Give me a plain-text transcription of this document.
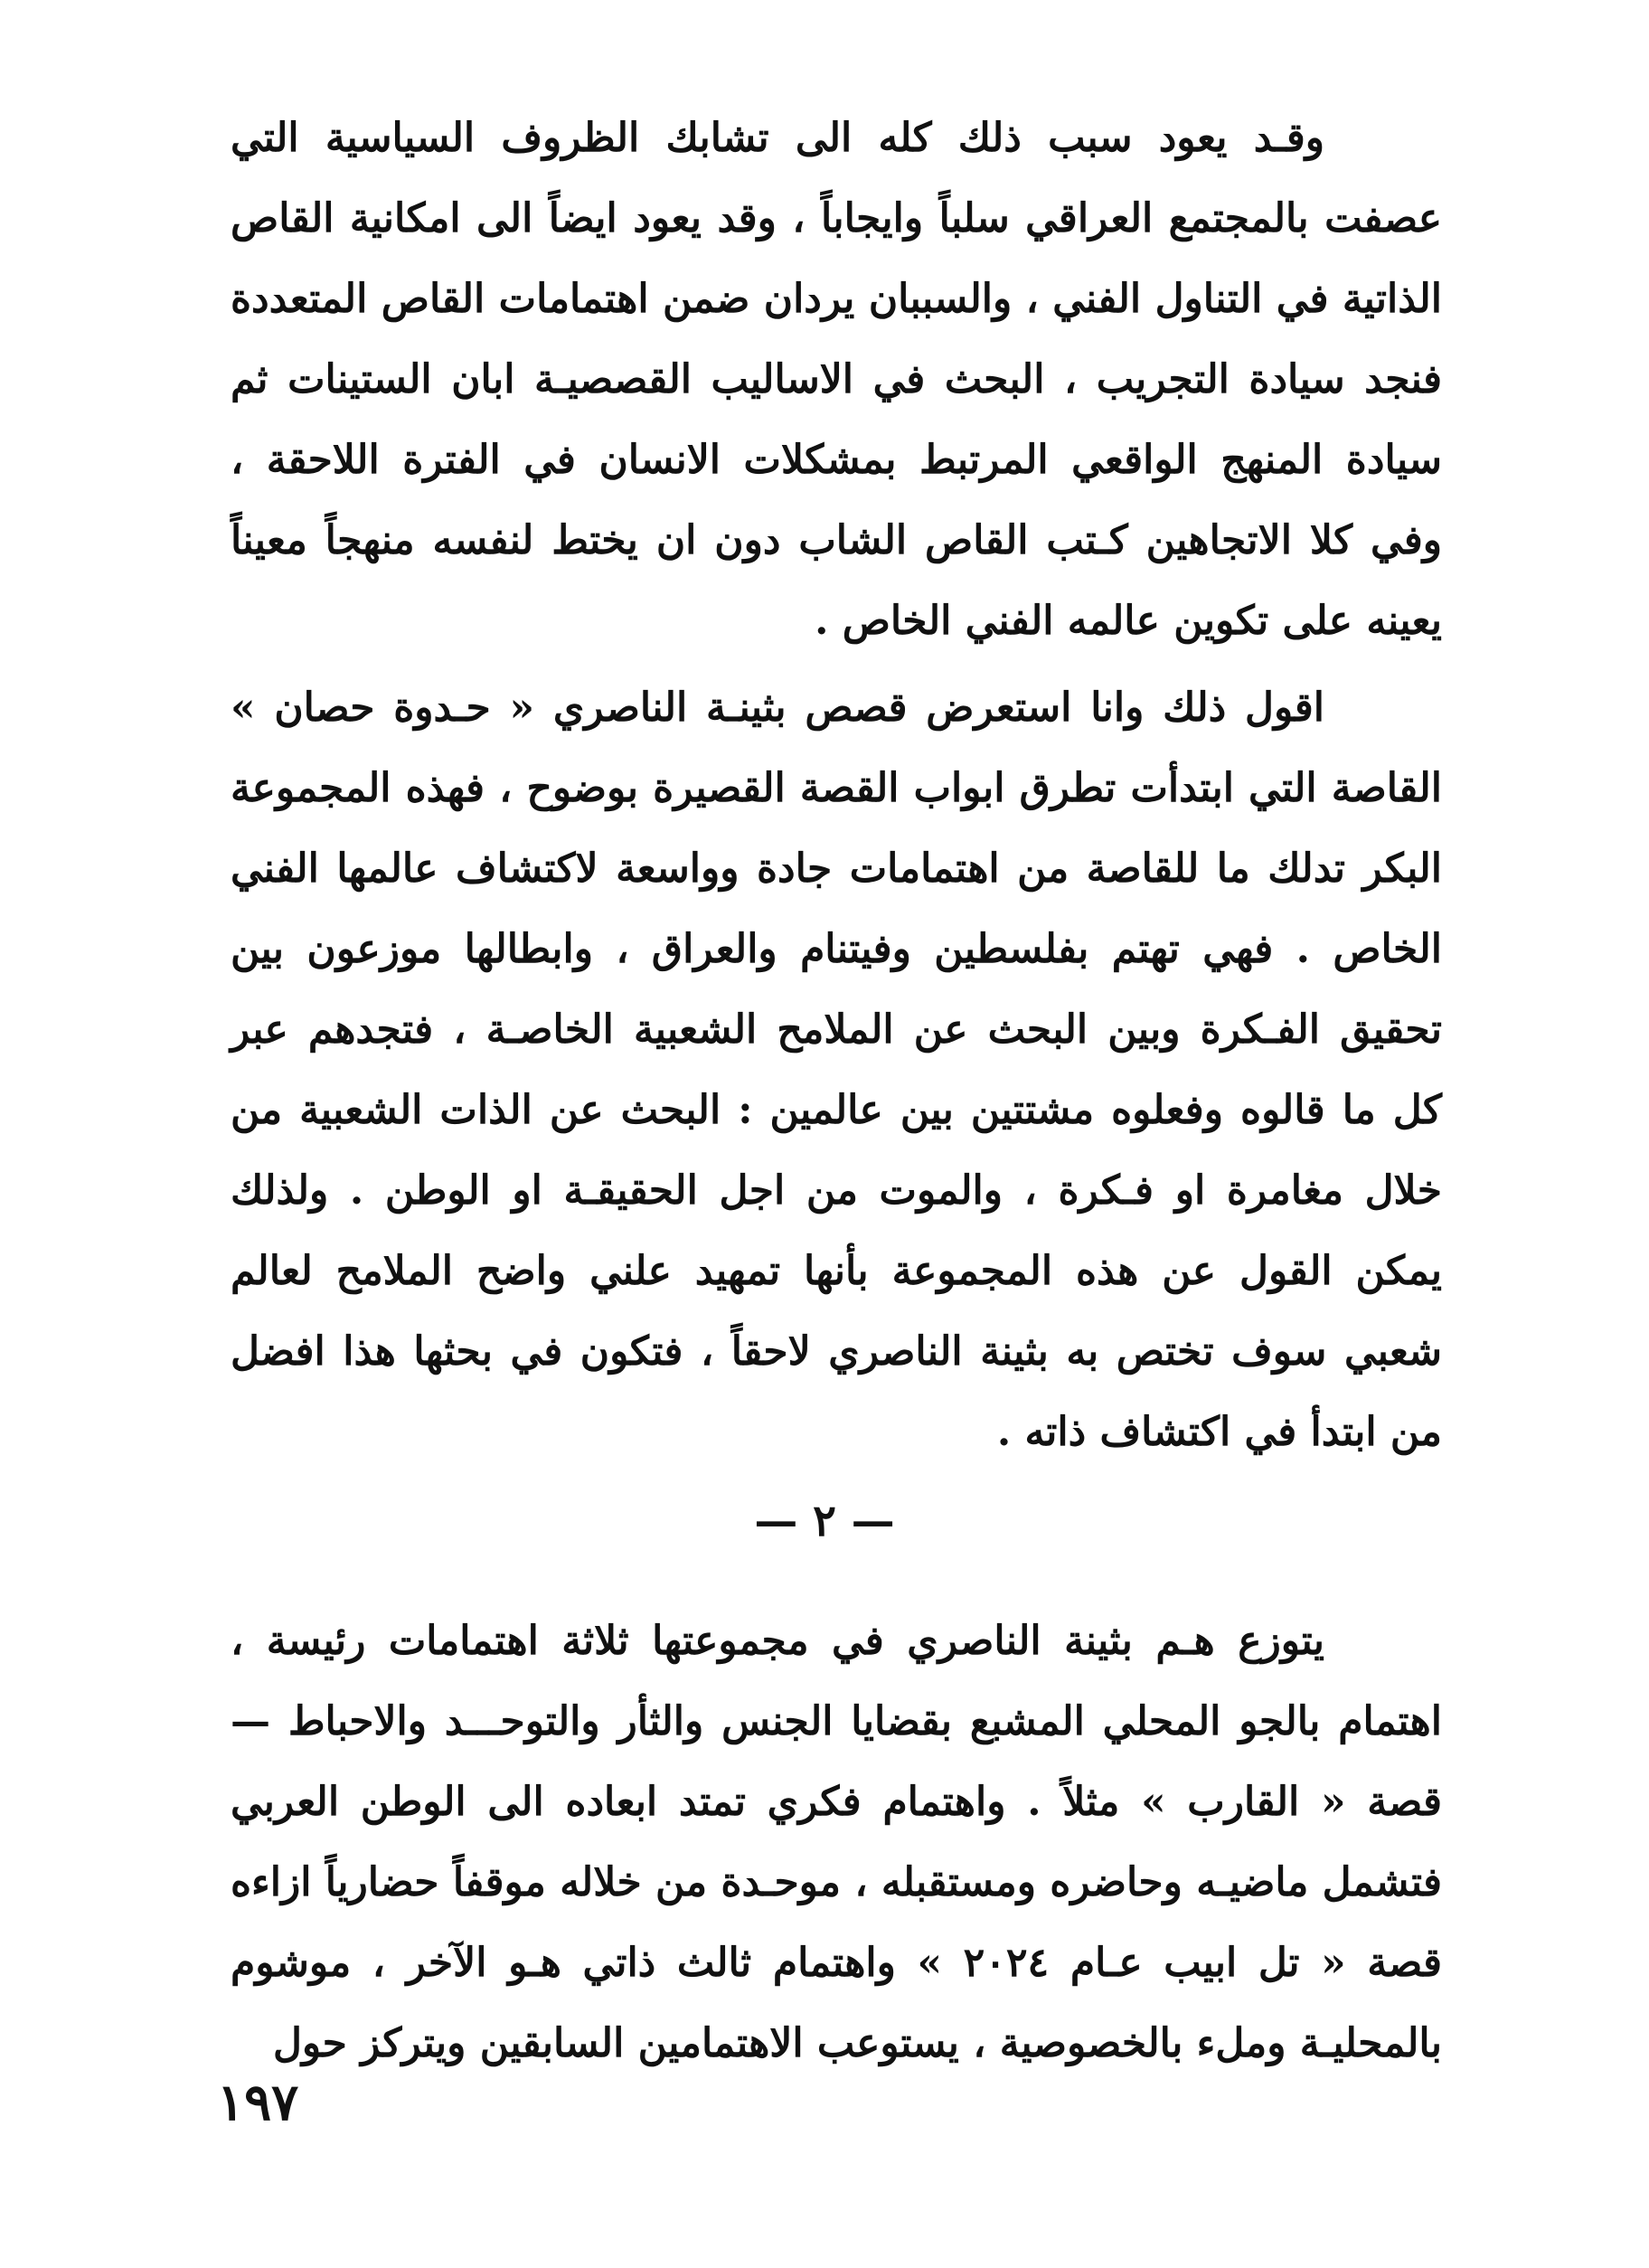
وقـد يعود سبب ذلك كله الى تشابك الظروف السياسية التي عصفت بالمجتمع العراقي سلباً وايجاباً ، وقد يعود ايضاً الى امكانية القاص الذاتية في التناول الفني ، والسببان يردان ضمن اهتمامات القاص المتعددة فنجد سيادة التجريب ، البحث في الاساليب القصصيـة ابان الستينات ثم سيادة المنهج الواقعي المرتبط بمشكلات الانسان في الفترة اللاحقة ، وفي كلا الاتجاهين كـتب القاص الشاب دون ان يختط لنفسه منهجاً معيناً يعينه على تكوين عالمه الفني الخاص .

اقول ذلك وانا استعرض قصص بثينـة الناصري « حـدوة حصان » القاصة التي ابتدأت تطرق ابواب القصة القصيرة بوضوح ، فهذه المجموعة البكر تدلك ما للقاصة من اهتمامات جادة وواسعة لاكتشاف عالمها الفني الخاص . فهي تهتم بفلسطين وفيتنام والعراق ، وابطالها موزعون بين تحقيق الفـكرة وبين البحث عن الملامح الشعبية الخاصـة ، فتجدهم عبر كل ما قالوه وفعلوه مشتتين بين عالمين : البحث عن الذات الشعبية من خلال مغامرة او فـكرة ، والموت من اجل الحقيقـة او الوطن . ولذلك يمكن القول عن هذه المجموعة بأنها تمهيد علني واضح الملامح لعالم شعبي سوف تختص به بثينة الناصري لاحقاً ، فتكون في بحثها هذا افضل من ابتدأ في اكتشاف ذاته .

— ٢ —

يتوزع هـم بثينة الناصري في مجموعتها ثلاثة اهتمامات رئيسة ، اهتمام بالجو المحلي المشبع بقضايا الجنس والثأر والتوحـــد والاحباط — قصة « القارب » مثلاً . واهتمام فكري تمتد ابعاده الى الوطن العربي فتشمل ماضيـه وحاضره ومستقبله ، موحـدة من خلاله موقفاً حضارياً ازاءه قصة « تل ابيب عـام ٢٠٢٤ » واهتمام ثالث ذاتي هـو الآخر ، موشوم بالمحليـة وملء بالخصوصية ، يستوعب الاهتمامين السابقين ويتركز حول

١٩٧
